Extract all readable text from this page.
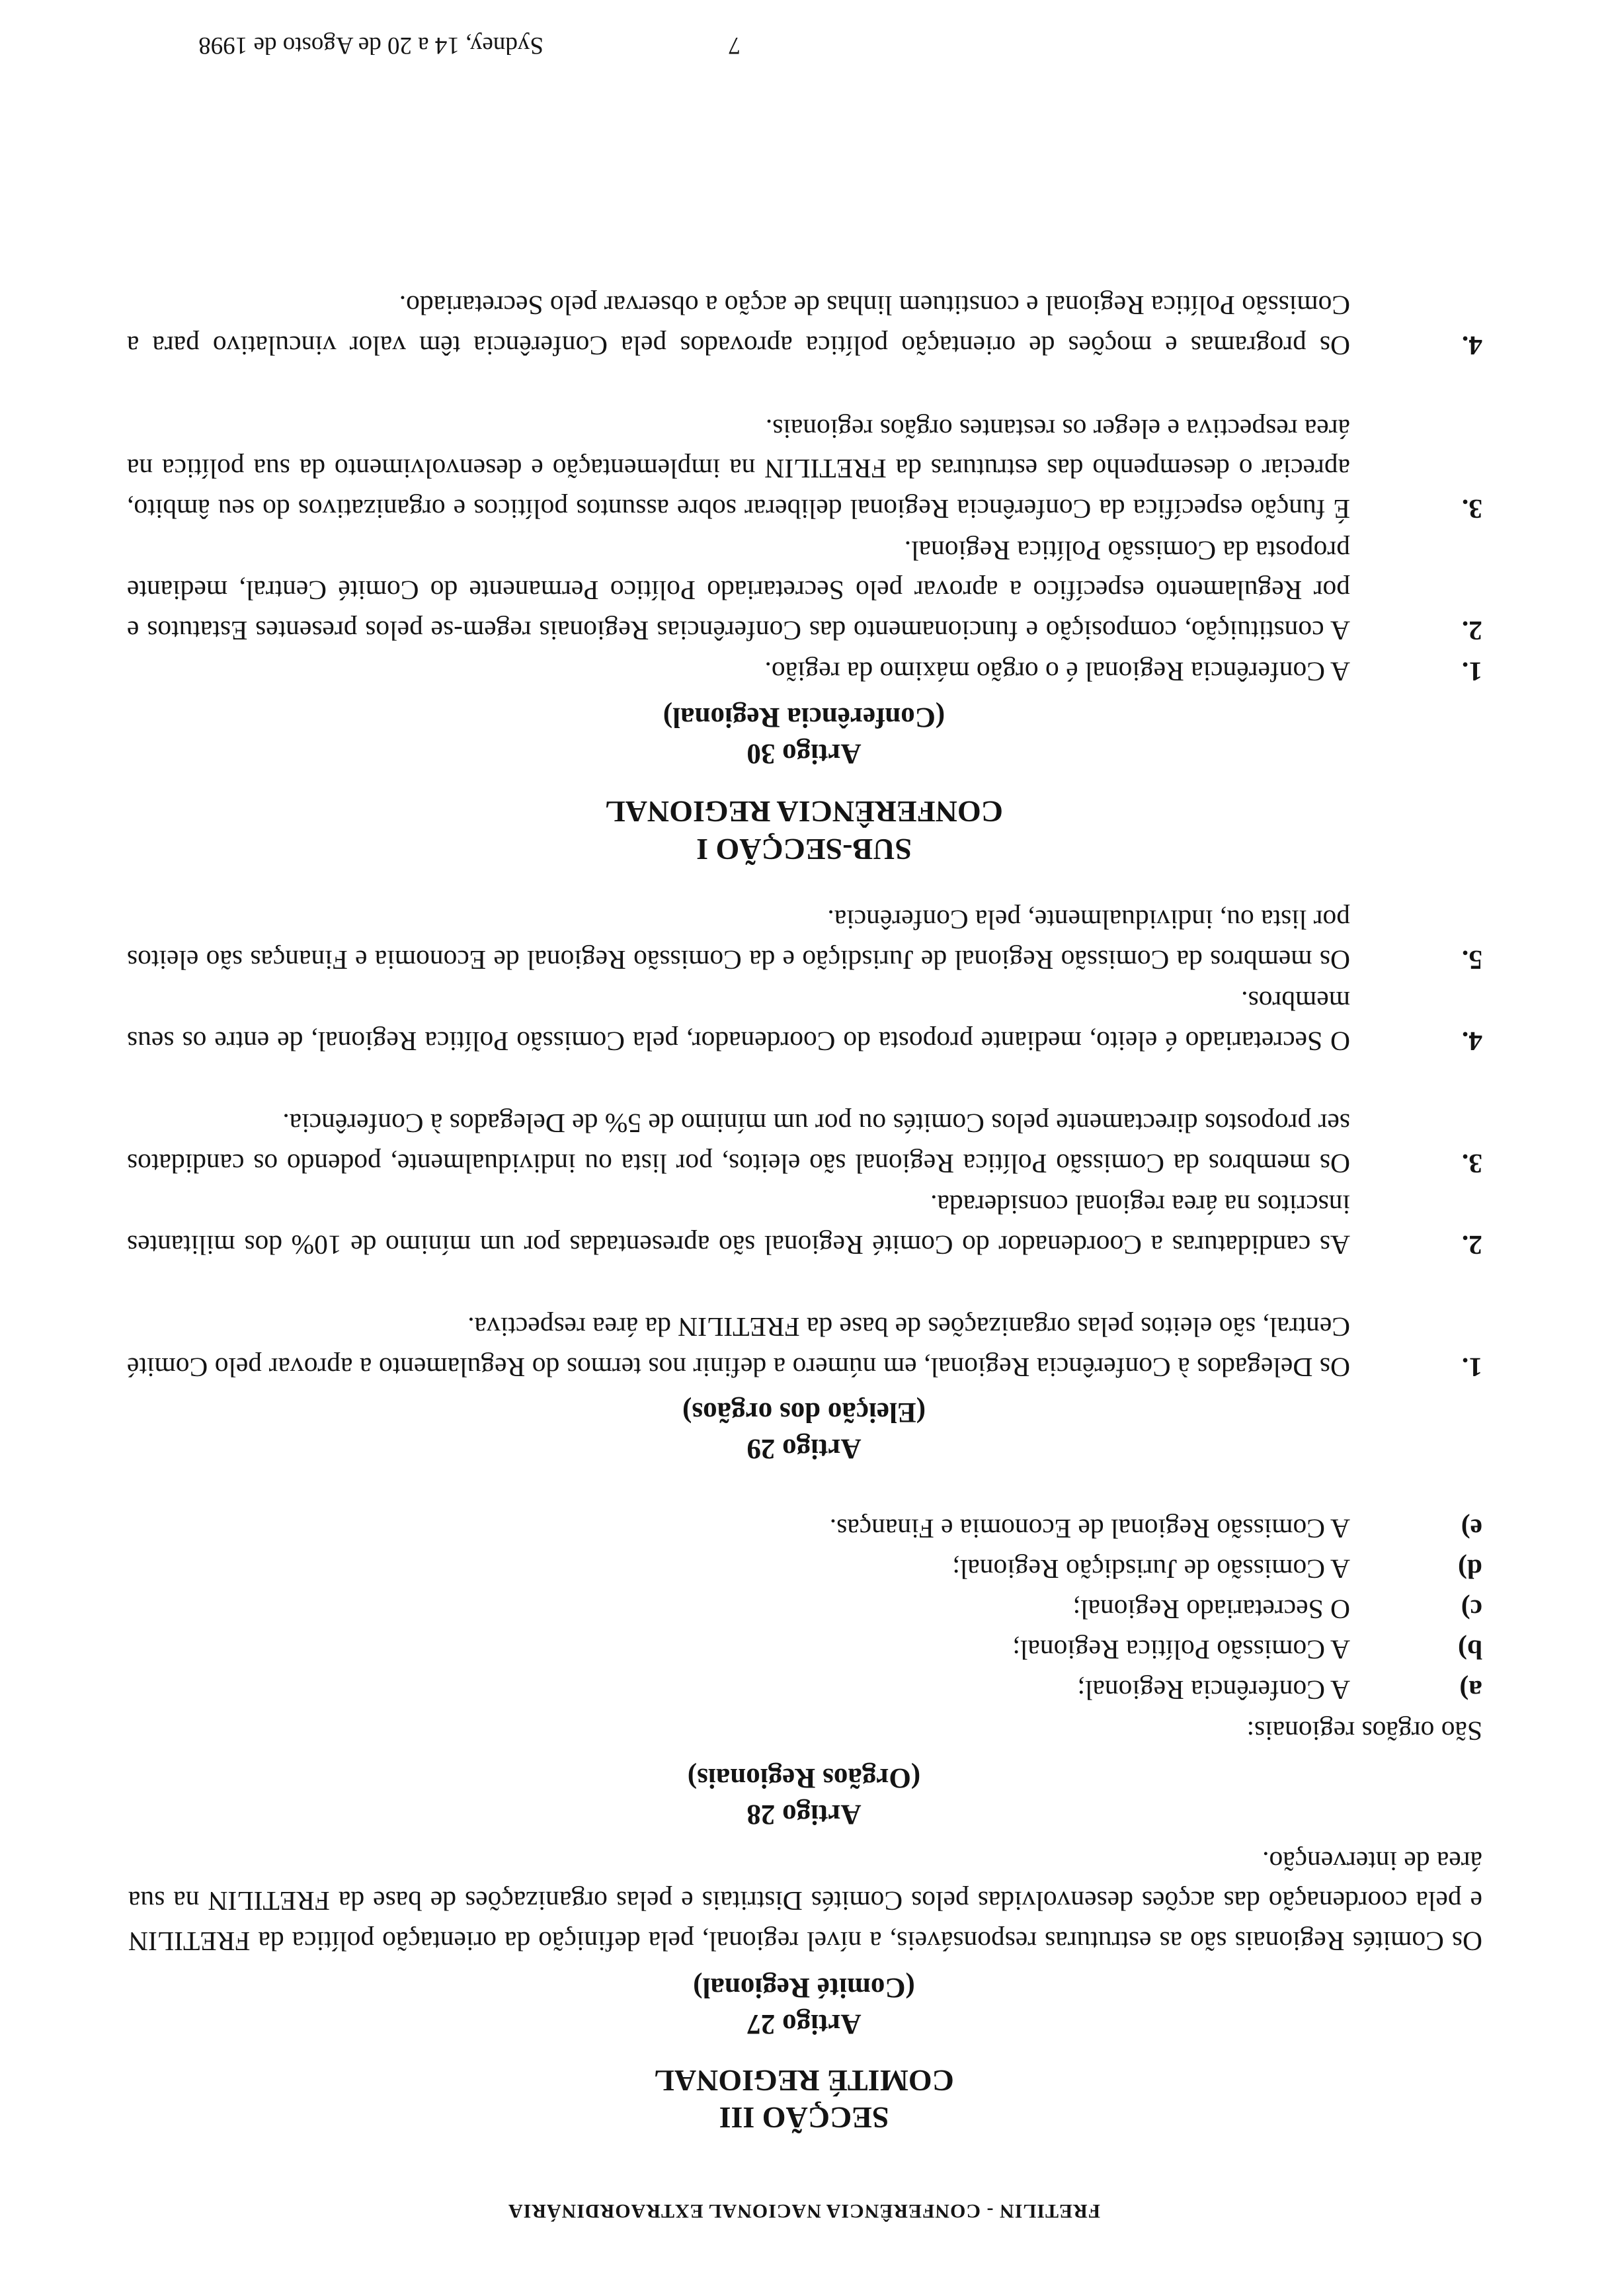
FRETILIN - CONFERÊNCIA NACIONAL EXTRAORDINÁRIA
SECÇÃO III
COMITÉ REGIONAL
Artigo 27
(Comité Regional)
Os Comités Regionais são as estruturas responsáveis, a nível regional, pela definição da orientação política da FRETILIN e pela coordenação das acções desenvolvidas pelos Comités Distritais e pelas organizações de base da FRETILIN na sua área de intervenção.
Artigo 28
(Orgãos Regionais)
São orgãos regionais:
a)
A Conferência Regional;
b)
A Comissão Política Regional;
c)
O Secretariado Regional;
d)
A Comissão de Jurisdição Regional;
e)
A Comissão Regional de Economia e Finanças.
Artigo 29
(Eleição dos orgãos)
1.
Os Delegados à Conferência Regional, em número a definir nos termos do Regulamento a aprovar pelo Comité Central, são eleitos pelas organizações de base da FRETILIN da área respectiva.
2.
As candidaturas a Coordenador do Comité Regional são apresentadas por um mínimo de 10% dos militantes inscritos na área regional considerada.
3.
Os membros da Comissão Política Regional são eleitos, por lista ou individualmente, podendo os candidatos ser propostos directamente pelos Comités ou por um mínimo de 5% de Delegados à Conferência.
4.
O Secretariado é eleito, mediante proposta do Coordenador, pela Comissão Política Regional, de entre os seus membros.
5.
Os membros da Comissão Regional de Jurisdição e da Comissão Regional de Economia e Finanças são eleitos por lista ou, individualmente, pela Conferência.
SUB-SECÇÃO I
CONFERÊNCIA REGIONAL
Artigo 30
(Conferência Regional)
1.
A Conferência Regional é o orgão máximo da região.
2.
A constituição, composição e funcionamento das Conferências Regionais regem-se pelos presentes Estatutos e por Regulamento específico a aprovar pelo Secretariado Político Permanente do Comité Central, mediante proposta da Comissão Política Regional.
3.
É função específica da Conferência Regional deliberar sobre assuntos políticos e organizativos do seu âmbito, apreciar o desempenho das estruturas da FRETILIN na implementação e desenvolvimento da sua política na área respectiva e eleger os restantes orgãos regionais.
4.
Os programas e moções de orientação política aprovados pela Conferência têm valor vinculativo para a Comissão Política Regional e constituem linhas de acção a observar pelo Secretariado.
7
Sydney, 14 a 20 de Agosto de 1998
